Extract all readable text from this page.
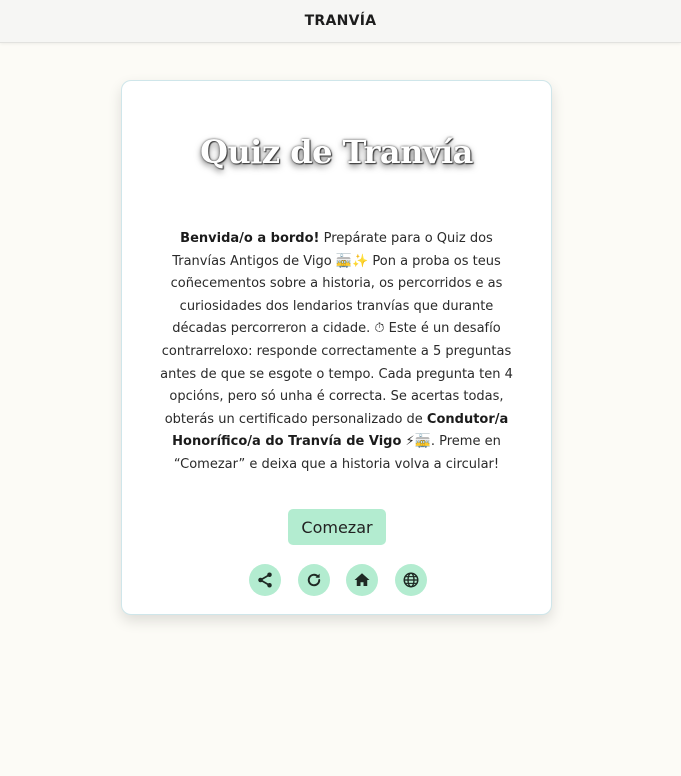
TRANVÍA
Quiz de Tranvía

Benvida/o a bordo! Prepárate para o Quiz dos Tranvías Antigos de Vigo 🚋✨ Pon a proba os teus coñecementos sobre a historia, os percorridos e as curiosidades dos lendarios tranvías que durante décadas percorreron a cidade. ⏱ Este é un desafío contrarreloxo: responde correctamente a 5 preguntas antes de que se esgote o tempo. Cada pregunta ten 4 opcións, pero só unha é correcta. Se acertas todas, obterás un certificado personalizado de Condutor/a Honorífico/a do Tranvía de Vigo ⚡🚋. Preme en “Comezar” e deixa que a historia volva a circular!

Comezar
